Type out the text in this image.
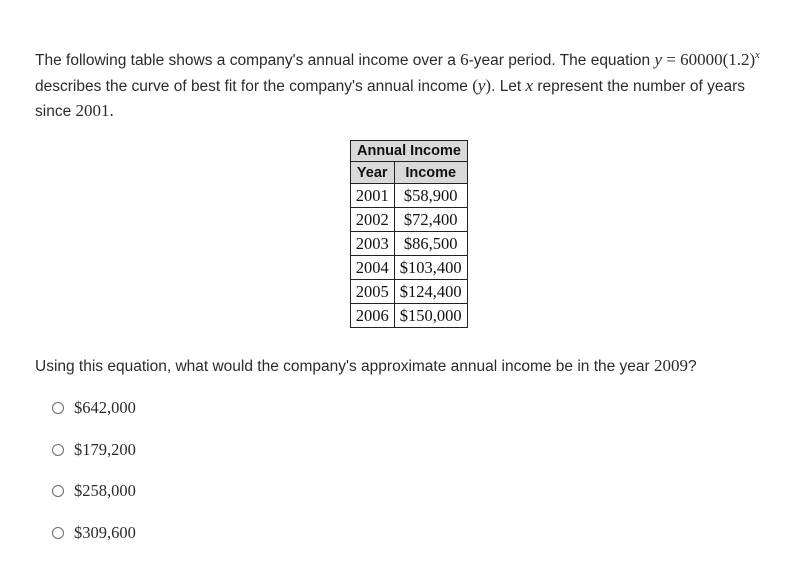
The following table shows a company's annual income over a 6-year period. The equation $y = 60000(1.2)^x$ describes the curve of best fit for the company's annual income (y). Let x represent the number of years since 2001.
Annual Income	
Year	Income
2001	$58,900
2002	$72,400
2003	$86,500
2004	$103,400
2005	$124,400
2006	$150,000
Using this equation, what would the company's approximate annual income be in the year 2009?
$642,000
$179,200
$258,000
$309,600
